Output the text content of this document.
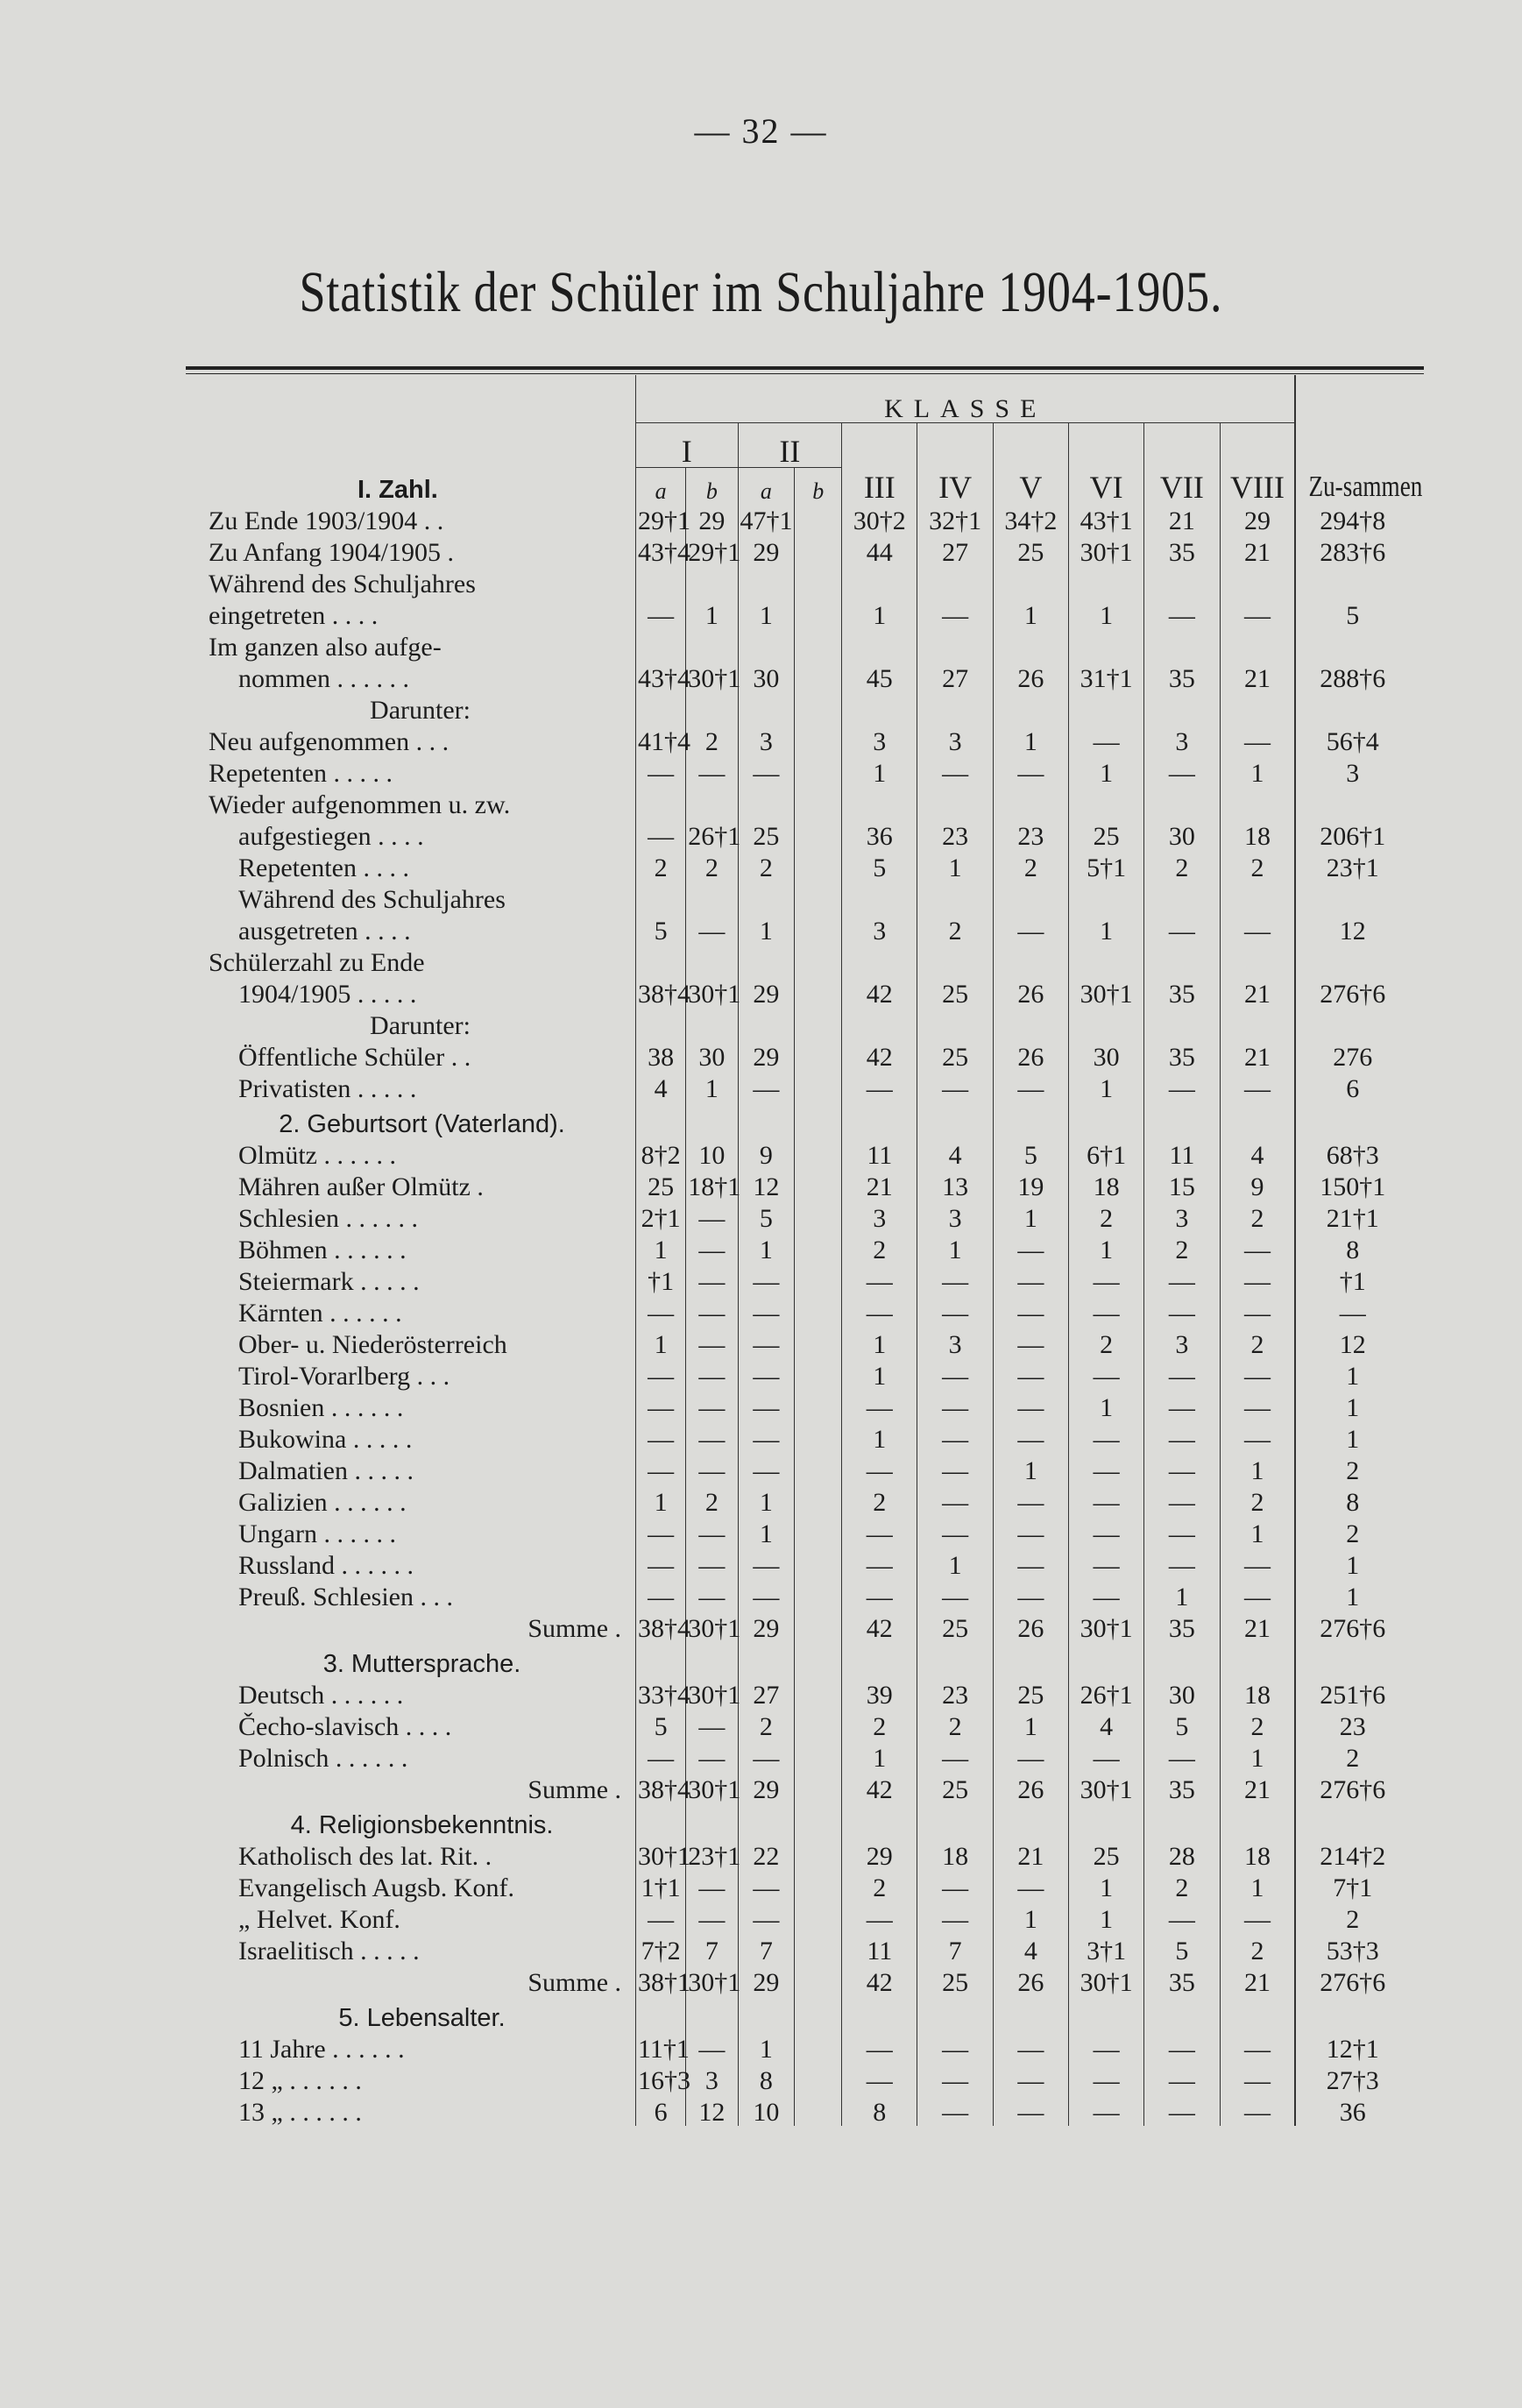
— 32 —
Statistik der Schüler im Schuljahre 1904-1905.
	KLASSE										Zu-sammen

	I		II		III	IV	V	VI	VII	VIII	
I. Zahl.	a	b	a	b							
Zu Ende 1903/1904 . .	29†1	29	47†1		30†2	32†1	34†2	43†1	21	29	294†8
Zu Anfang 1904/1905 .	43†4	29†1	29		44	27	25	30†1	35	21	283†6
Während des Schuljahres											
eingetreten . . . .	—	1	1		1	—	1	1	—	—	5
Im ganzen also aufge-											
nommen . . . . . .	43†4	30†1	30		45	27	26	31†1	35	21	288†6
Darunter:											
Neu aufgenommen . . .	41†4	2	3		3	3	1	—	3	—	56†4
Repetenten . . . . .	—	—	—		1	—	—	1	—	1	3
Wieder aufgenommen u. zw.											
aufgestiegen . . . .	—	26†1	25		36	23	23	25	30	18	206†1
Repetenten . . . .	2	2	2		5	1	2	5†1	2	2	23†1
Während des Schuljahres											
ausgetreten . . . .	5	—	1		3	2	—	1	—	—	12
Schülerzahl zu Ende											
1904/1905 . . . . .	38†4	30†1	29		42	25	26	30†1	35	21	276†6
Darunter:											
Öffentliche Schüler . .	38	30	29		42	25	26	30	35	21	276
Privatisten . . . . .	4	1	—		—	—	—	1	—	—	6
2. Geburtsort (Vaterland).											
Olmütz . . . . . .	8†2	10	9		11	4	5	6†1	11	4	68†3
Mähren außer Olmütz .	25	18†1	12		21	13	19	18	15	9	150†1
Schlesien . . . . . .	2†1	—	5		3	3	1	2	3	2	21†1
Böhmen . . . . . .	1	—	1		2	1	—	1	2	—	8
Steiermark . . . . .	†1	—	—		—	—	—	—	—	—	†1
Kärnten . . . . . .	—	—	—		—	—	—	—	—	—	—
Ober- u. Niederösterreich	1	—	—		1	3	—	2	3	2	12
Tirol-Vorarlberg . . .	—	—	—		1	—	—	—	—	—	1
Bosnien . . . . . .	—	—	—		—	—	—	1	—	—	1
Bukowina . . . . .	—	—	—		1	—	—	—	—	—	1
Dalmatien . . . . .	—	—	—		—	—	1	—	—	1	2
Galizien . . . . . .	1	2	1		2	—	—	—	—	2	8
Ungarn . . . . . .	—	—	1		—	—	—	—	—	1	2
Russland . . . . . .	—	—	—		—	1	—	—	—	—	1
Preuß. Schlesien . . .	—	—	—		—	—	—	—	1	—	1
Summe .	38†4	30†1	29		42	25	26	30†1	35	21	276†6
3. Muttersprache.											
Deutsch . . . . . .	33†4	30†1	27		39	23	25	26†1	30	18	251†6
Čecho-slavisch . . . .	5	—	2		2	2	1	4	5	2	23
Polnisch . . . . . .	—	—	—		1	—	—	—	—	1	2
Summe .	38†4	30†1	29		42	25	26	30†1	35	21	276†6
4. Religionsbekenntnis.											
Katholisch des lat. Rit. .	30†1	23†1	22		29	18	21	25	28	18	214†2
Evangelisch Augsb. Konf.	1†1	—	—		2	—	—	1	2	1	7†1
„ Helvet. Konf.	—	—	—		—	—	1	1	—	—	2
Israelitisch . . . . .	7†2	7	7		11	7	4	3†1	5	2	53†3
Summe .	38†1	30†1	29		42	25	26	30†1	35	21	276†6
5. Lebensalter.											
11 Jahre . . . . . .	11†1	—	1		—	—	—	—	—	—	12†1
12 „ . . . . . .	16†3	3	8		—	—	—	—	—	—	27†3
13 „ . . . . . .	6	12	10		8	—	—	—	—	—	36
